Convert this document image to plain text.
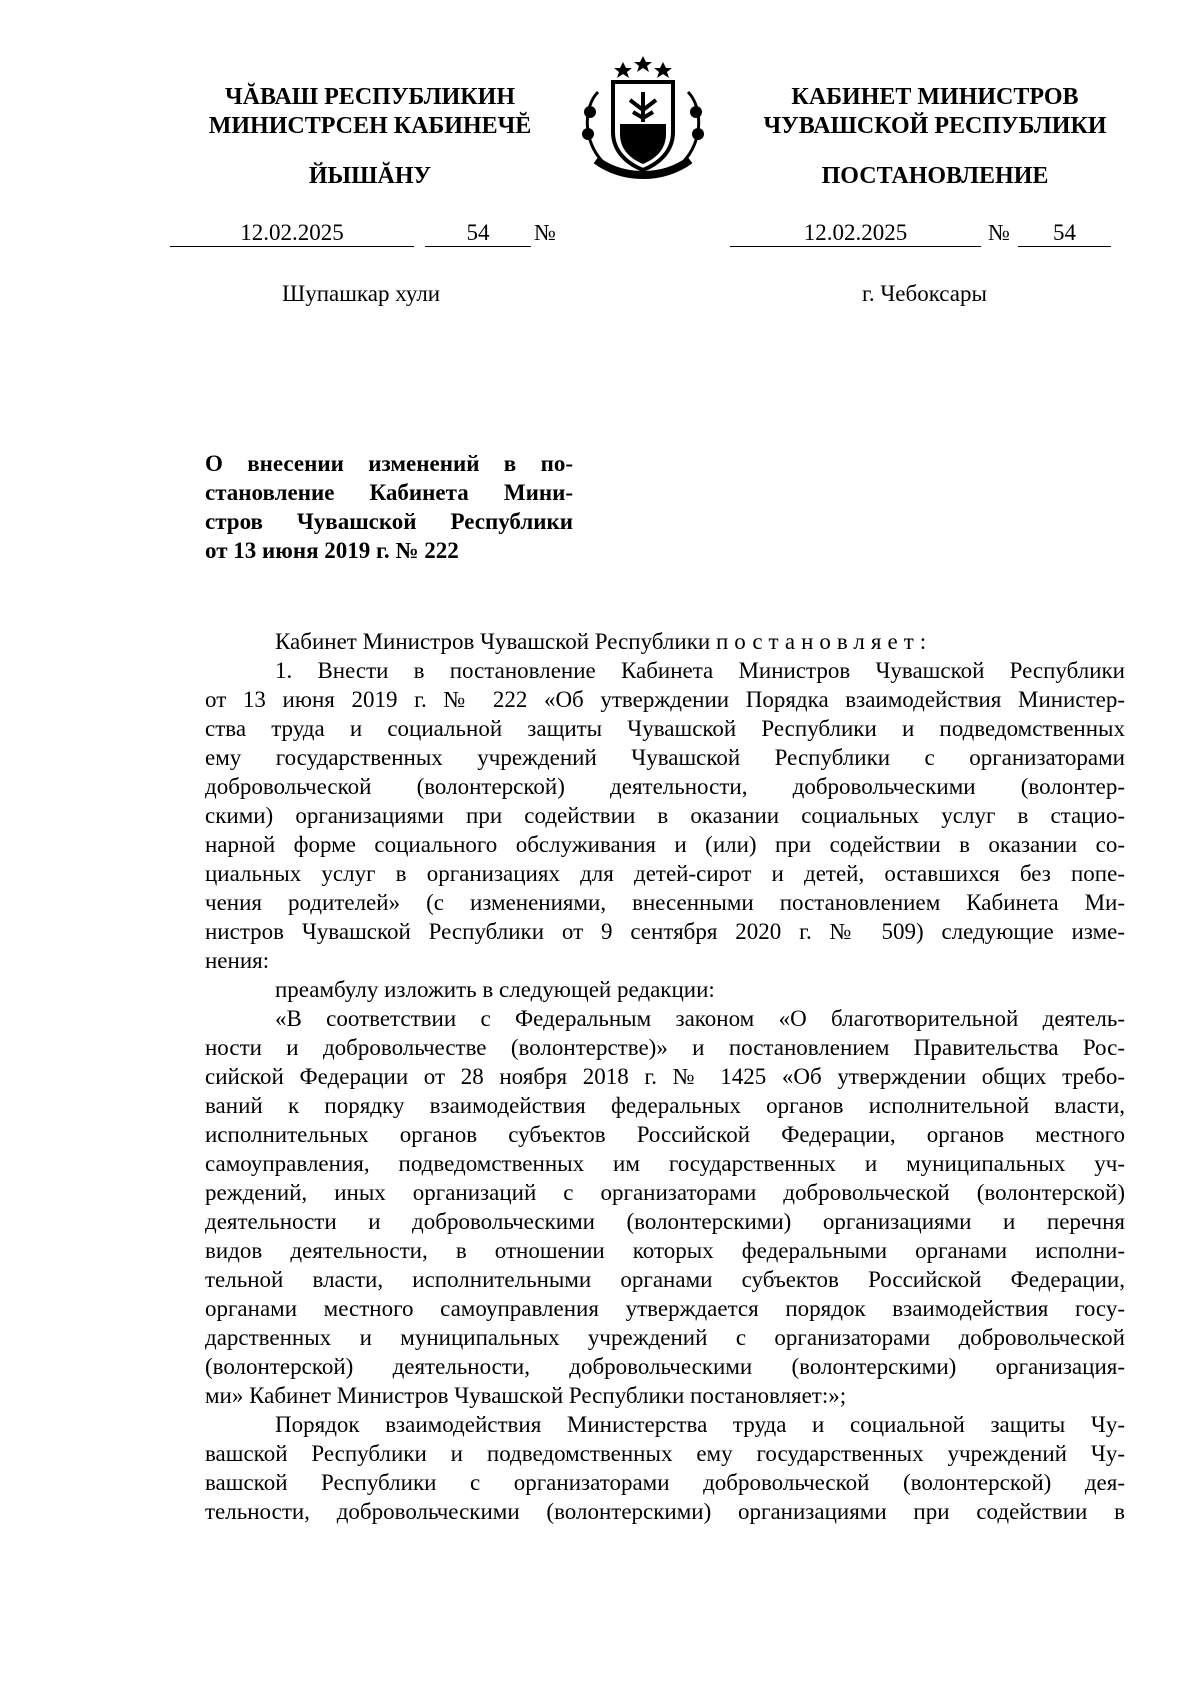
ЧĂВАШ РЕСПУБЛИКИН
МИНИСТРСЕН КАБИНЕЧĔ
ЙЫШĂНУ
КАБИНЕТ МИНИСТРОВ
ЧУВАШСКОЙ РЕСПУБЛИКИ
ПОСТАНОВЛЕНИЕ
12.02.2025	54	№	12.02.2025	№	54
Шупашкар хули	г. Чебоксары
О внесении изменений в по-
становление Кабинета Мини-
стров Чувашской Республики
от 13 июня 2019 г. № 222
Кабинет Министров Чувашской Республики постановляет:
1. Внести в постановление Кабинета Министров Чувашской Республики
от 13 июня 2019 г. № 222 «Об утверждении Порядка взаимодействия Министер-
ства труда и социальной защиты Чувашской Республики и подведомственных
ему государственных учреждений Чувашской Республики с организаторами
добровольческой (волонтерской) деятельности, добровольческими (волонтер-
скими) организациями при содействии в оказании социальных услуг в стацио-
нарной форме социального обслуживания и (или) при содействии в оказании со-
циальных услуг в организациях для детей-сирот и детей, оставшихся без попе-
чения родителей» (с изменениями, внесенными постановлением Кабинета Ми-
нистров Чувашской Республики от 9 сентября 2020 г. № 509) следующие изме-
нения:
преамбулу изложить в следующей редакции:
«В соответствии с Федеральным законом «О благотворительной деятель-
ности и добровольчестве (волонтерстве)» и постановлением Правительства Рос-
сийской Федерации от 28 ноября 2018 г. № 1425 «Об утверждении общих требо-
ваний к порядку взаимодействия федеральных органов исполнительной власти,
исполнительных органов субъектов Российской Федерации, органов местного
самоуправления, подведомственных им государственных и муниципальных уч-
реждений, иных организаций с организаторами добровольческой (волонтерской)
деятельности и добровольческими (волонтерскими) организациями и перечня
видов деятельности, в отношении которых федеральными органами исполни-
тельной власти, исполнительными органами субъектов Российской Федерации,
органами местного самоуправления утверждается порядок взаимодействия госу-
дарственных и муниципальных учреждений с организаторами добровольческой
(волонтерской) деятельности, добровольческими (волонтерскими) организация-
ми» Кабинет Министров Чувашской Республики постановляет:»;
Порядок взаимодействия Министерства труда и социальной защиты Чу-
вашской Республики и подведомственных ему государственных учреждений Чу-
вашской Республики с организаторами добровольческой (волонтерской) дея-
тельности, добровольческими (волонтерскими) организациями при содействии в
